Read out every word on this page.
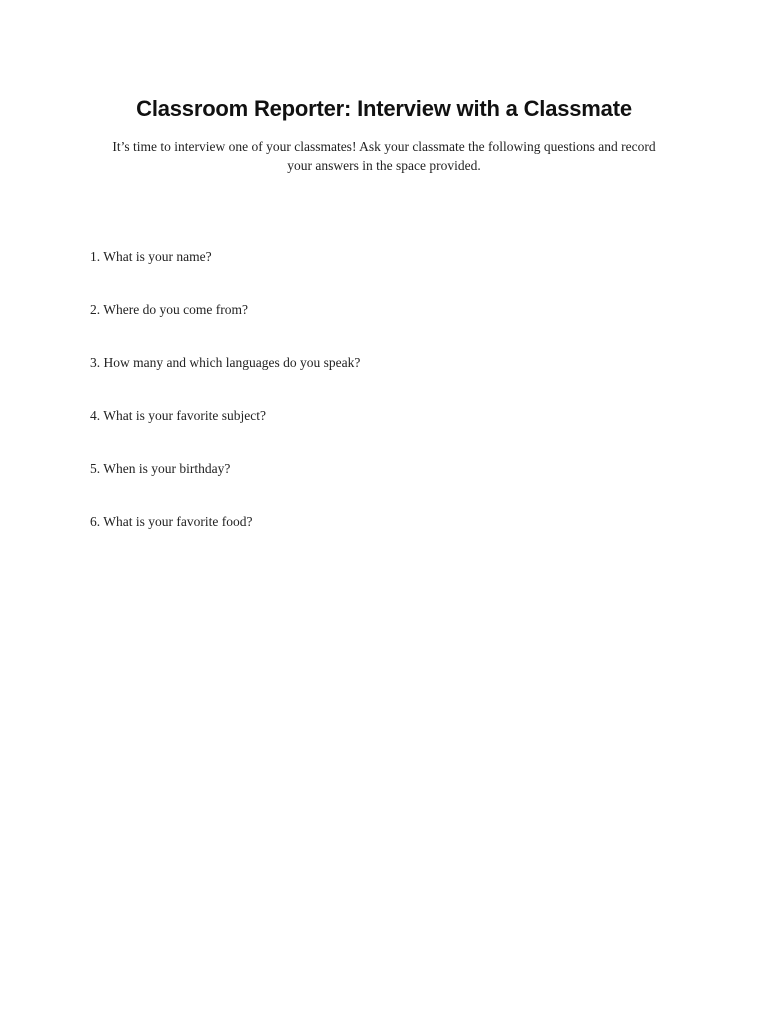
Classroom Reporter: Interview with a Classmate

It’s time to interview one of your classmates! Ask your classmate the following questions and record
your answers in the space provided.

1. What is your name?
2. Where do you come from?
3. How many and which languages do you speak?
4. What is your favorite subject?
5. When is your birthday?
6. What is your favorite food?
